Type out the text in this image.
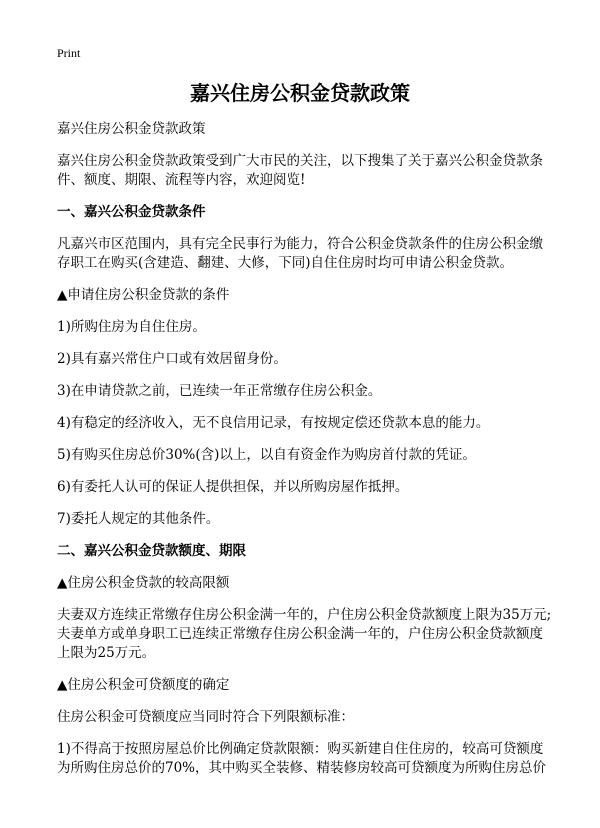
Print
嘉兴住房公积金贷款政策

嘉兴住房公积金贷款政策

嘉兴住房公积金贷款政策受到广大市民的关注，以下搜集了关于嘉兴公积金贷款条件、额度、期限、流程等内容，欢迎阅览!

一、嘉兴公积金贷款条件

凡嘉兴市区范围内，具有完全民事行为能力，符合公积金贷款条件的住房公积金缴存职工在购买(含建造、翻建、大修，下同)自住住房时均可申请公积金贷款。

▲申请住房公积金贷款的条件

1)所购住房为自住住房。

2)具有嘉兴常住户口或有效居留身份。

3)在申请贷款之前，已连续一年正常缴存住房公积金。

4)有稳定的经济收入，无不良信用记录，有按规定偿还贷款本息的能力。

5)有购买住房总价30%(含)以上，以自有资金作为购房首付款的凭证。

6)有委托人认可的保证人提供担保，并以所购房屋作抵押。

7)委托人规定的其他条件。

二、嘉兴公积金贷款额度、期限

▲住房公积金贷款的较高限额

夫妻双方连续正常缴存住房公积金满一年的，户住房公积金贷款额度上限为35万元;夫妻单方或单身职工已连续正常缴存住房公积金满一年的，户住房公积金贷款额度上限为25万元。

▲住房公积金可贷额度的确定

住房公积金可贷额度应当同时符合下列限额标准：

1)不得高于按照房屋总价比例确定贷款限额：购买新建自住住房的，较高可贷额度为所购住房总价的70%，其中购买全装修、精装修房较高可贷额度为所购住房总价
